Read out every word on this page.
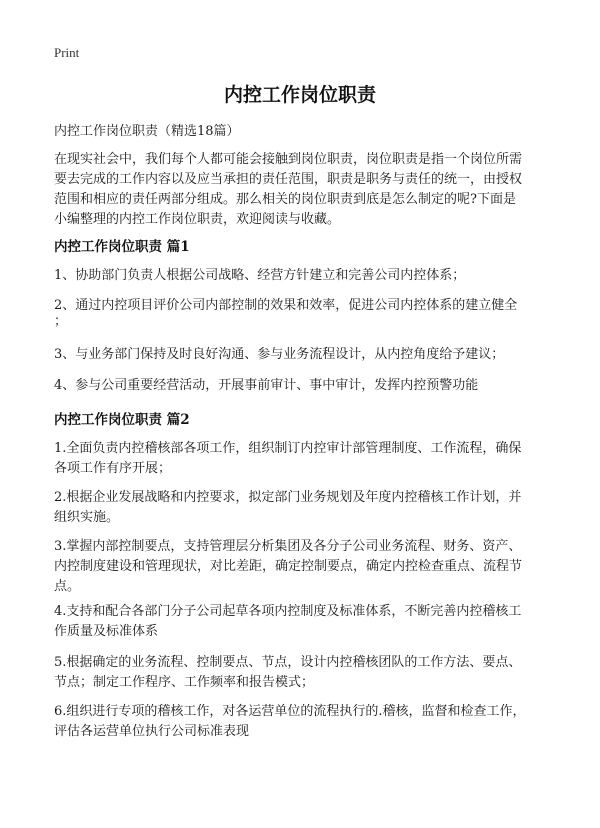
Print
内控工作岗位职责
内控工作岗位职责（精选18篇）
在现实社会中，我们每个人都可能会接触到岗位职责，岗位职责是指一个岗位所需
要去完成的工作内容以及应当承担的责任范围，职责是职务与责任的统一，由授权
范围和相应的责任两部分组成。那么相关的岗位职责到底是怎么制定的呢?下面是
小编整理的内控工作岗位职责，欢迎阅读与收藏。
内控工作岗位职责 篇1
1、协助部门负责人根据公司战略、经营方针建立和完善公司内控体系；
2、通过内控项目评价公司内部控制的效果和效率，促进公司内控体系的建立健全
；
3、与业务部门保持及时良好沟通、参与业务流程设计，从内控角度给予建议；
4、参与公司重要经营活动，开展事前审计、事中审计，发挥内控预警功能
内控工作岗位职责 篇2
1.全面负责内控稽核部各项工作，组织制订内控审计部管理制度、工作流程，确保
各项工作有序开展；
2.根据企业发展战略和内控要求，拟定部门业务规划及年度内控稽核工作计划，并
组织实施。
3.掌握内部控制要点，支持管理层分析集团及各分子公司业务流程、财务、资产、
内控制度建设和管理现状，对比差距，确定控制要点，确定内控检查重点、流程节
点。
4.支持和配合各部门分子公司起草各项内控制度及标准体系，不断完善内控稽核工
作质量及标准体系
5.根据确定的业务流程、控制要点、节点，设计内控稽核团队的工作方法、要点、
节点；制定工作程序、工作频率和报告模式；
6.组织进行专项的稽核工作，对各运营单位的流程执行的.稽核，监督和检查工作，
评估各运营单位执行公司标准表现
